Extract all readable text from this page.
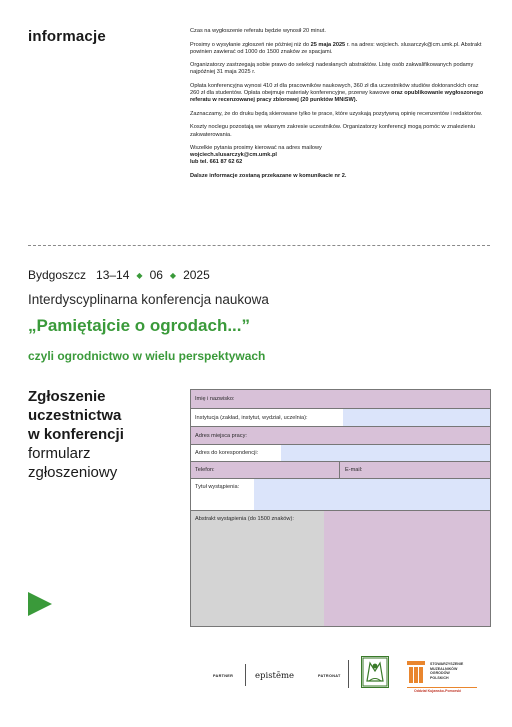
informacje	Czas na wygłoszenie referatu będzie wynosił 20 minut.

Prosimy o wysyłanie zgłoszeń nie później niż do 25 maja 2025 r. na adres: wojciech. slusarczyk@cm.umk.pl. Abstrakt powinien zawierać od 1000 do 1500 znaków ze spacjami.

Organizatorzy zastrzegają sobie prawo do selekcji nadesłanych abstraktów. Listę osób zakwalifikowanych podamy najpóźniej 31 maja 2025 r.

Opłata konferencyjna wynosi 410 zł dla pracowników naukowych, 360 zł dla uczestników studiów doktoranckich oraz 260 zł dla studentów. Opłata obejmuje materiały konferencyjne, przerwy kawowe oraz opublikowanie wygłoszonego referatu w recenzowanej pracy zbiorowej (20 punktów MNiSW).

Zaznaczamy, że do druku będą skierowane tylko te prace, które uzyskają pozytywną opinię recenzentów i redaktorów.

Koszty noclegu pozostają we własnym zakresie uczestników. Organizatorzy konferencji mogą pomóc w znalezieniu zakwaterowania.

Wszelkie pytania prosimy kierować na adres mailowy
wojciech.slusarczyk@cm.umk.pl
lub tel. 661 87 62 62

Dalsze informacje zostaną przekazane w komunikacie nr 2.

Bydgoszcz 13–14 ◆ 06 ◆ 2025
Interdyscyplinarna konferencja naukowa
„Pamiętajcie o ogrodach...”
czyli ogrodnictwo w wielu perspektywach
Zgłoszenie
uczestnictwa
w konferencji
formularz
zgłoszeniowy
Imię i nazwisko:
Instytucja (zakład, instytut, wydział, uczelnia):
Adres miejsca pracy:
Adres do korespondencji:
Telefon:	E-mail:
Tytuł wystąpienia:
Abstrakt wystąpienia (do 1500 znaków):
PARTNER	epistēme	PATRONAT
STOWARZYSZENIE
MUZEALNIKÓW
OGRODÓW
POLSKICH
Oddział Kujawsko-Pomorski
